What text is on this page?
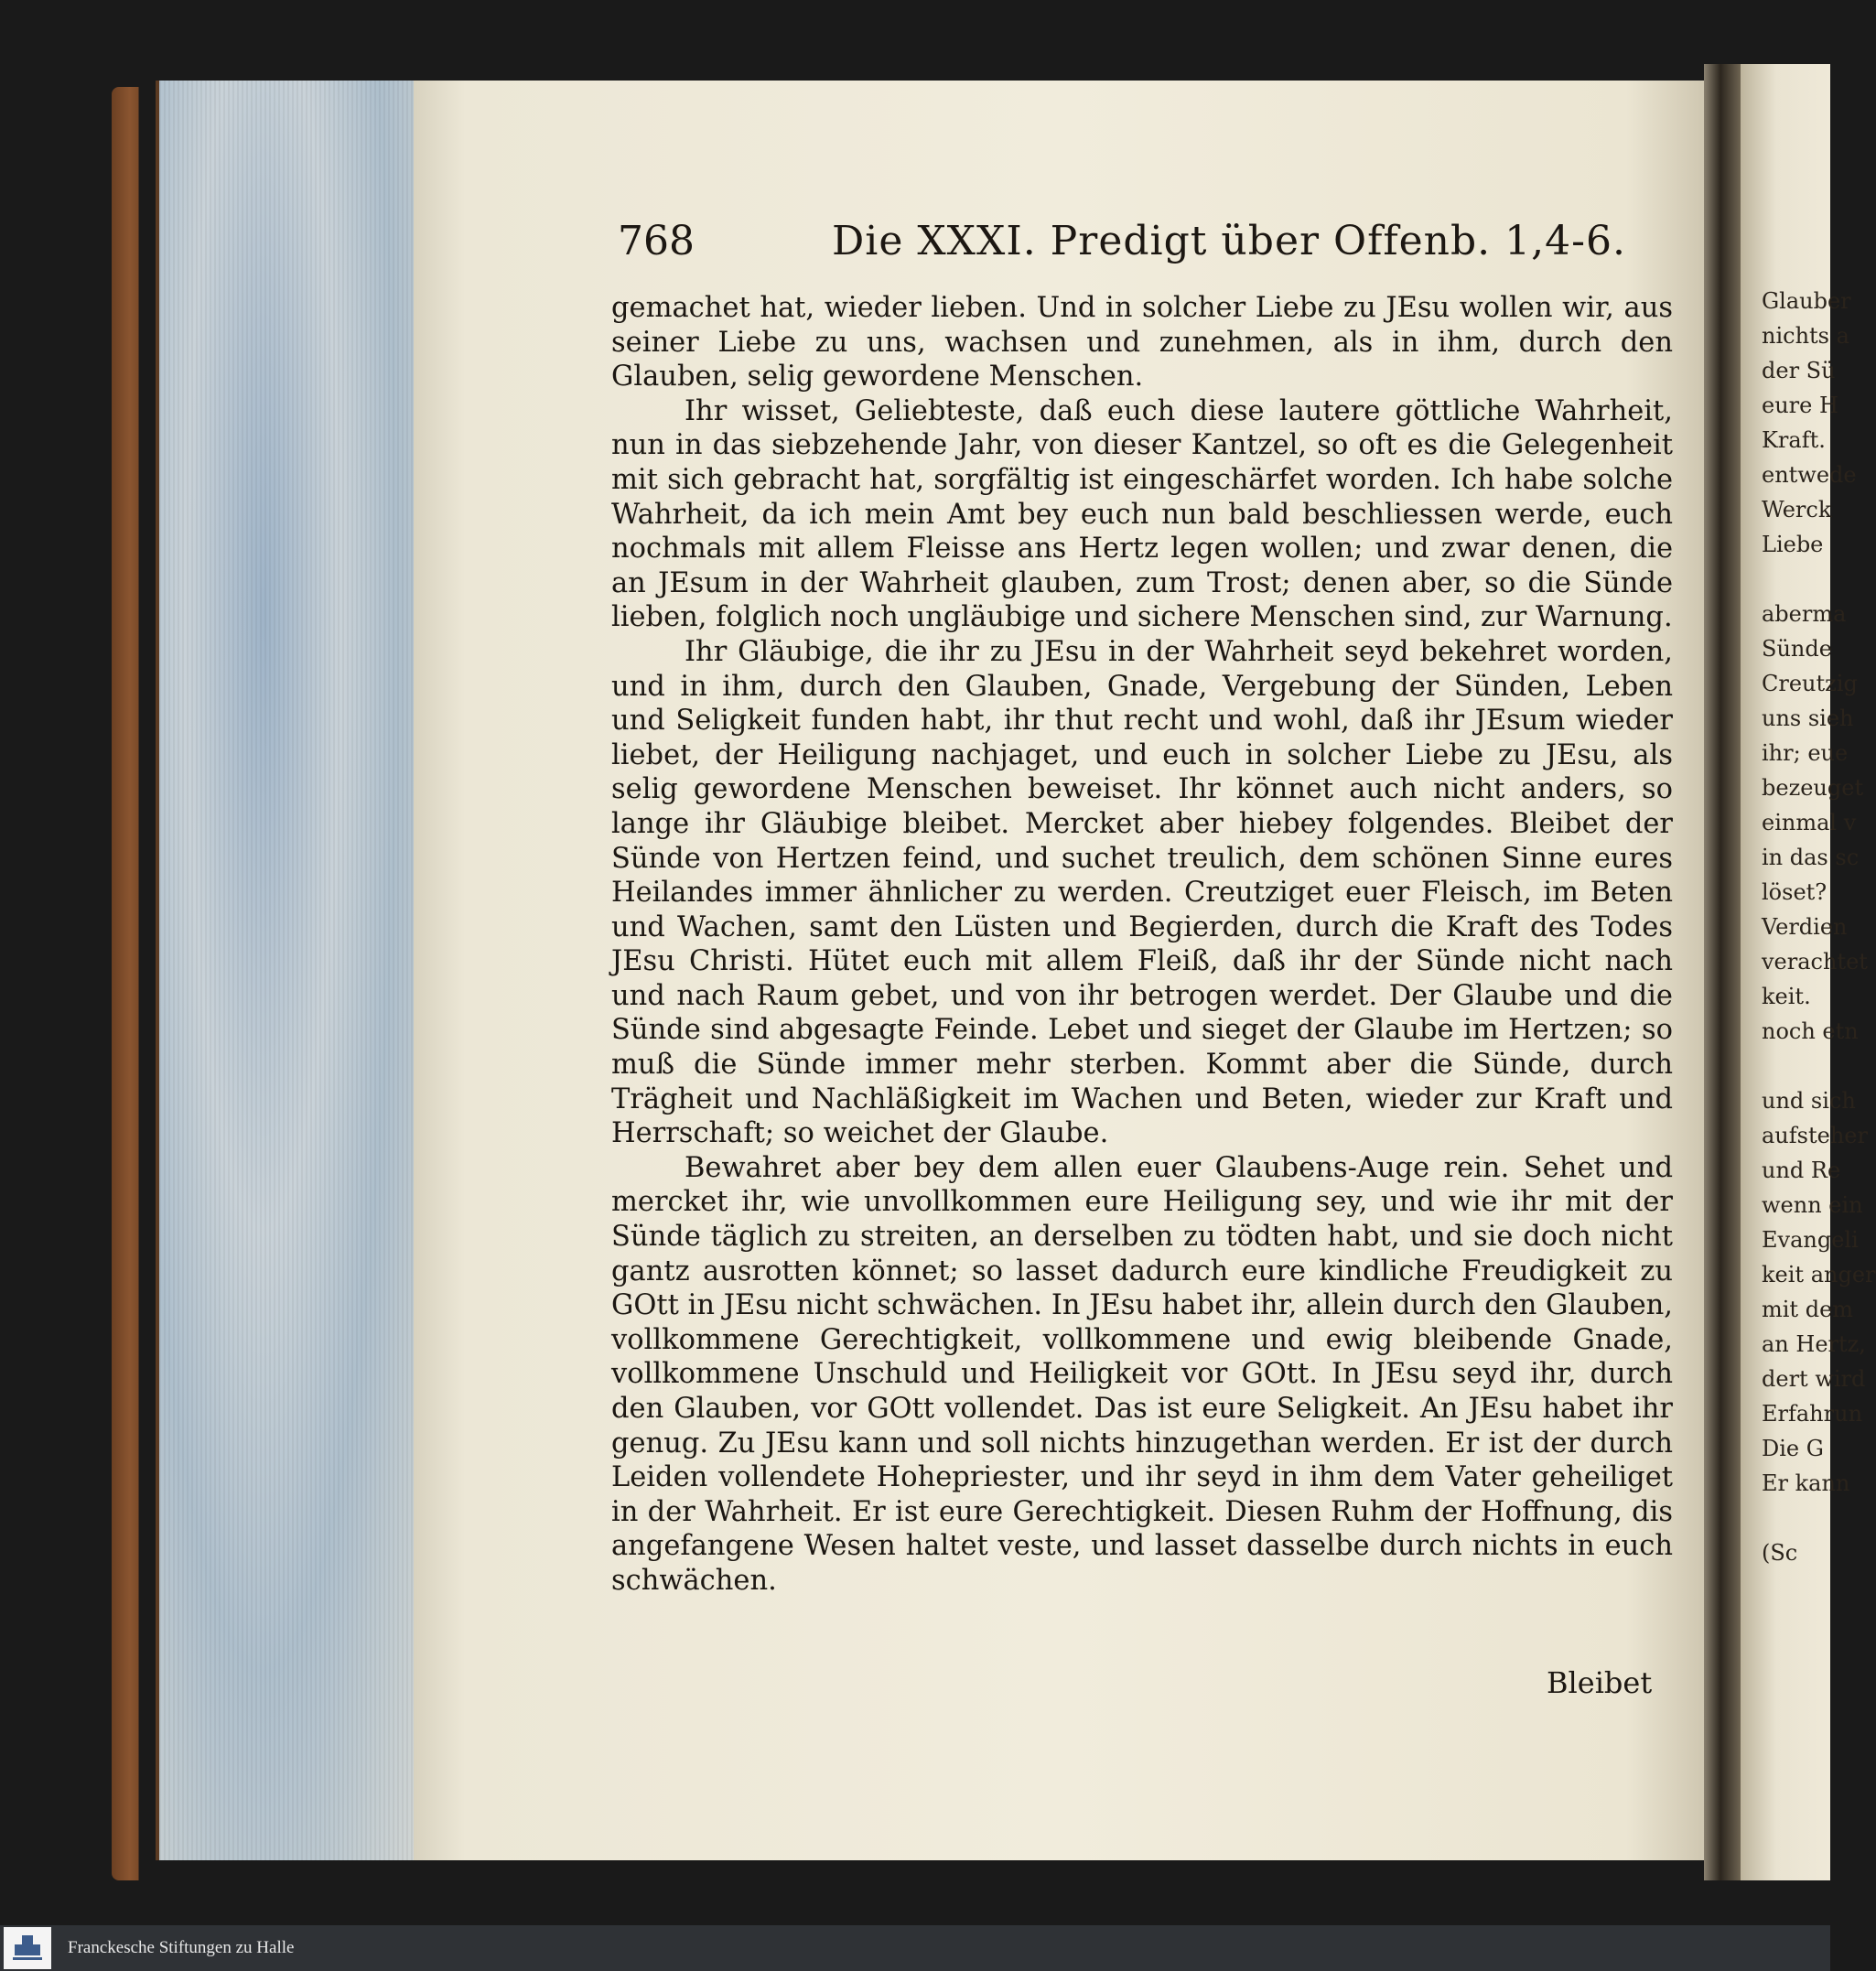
Glauber
nichts a
der Sü
eure H
Kraft.
entwede
Werck
Liebe

aberma
Sünde
Creutzig
uns sieh
ihr; eue
bezeuget
einmal v
in das sc
löset?
Verdien
verachtet
keit.
noch etn

und sich
aufsteher
und Re
wenn ein
Evangeli
keit anger
mit dem
an Hertz,
dert wird
Erfahrun
Die G
Er kann

(Sc
768	Die XXXI. Predigt über Offenb. 1,4-6.

gemachet hat, wieder lieben. Und in solcher Liebe zu JEsu wollen wir, aus seiner Liebe zu uns, wachsen und zunehmen, als in ihm, durch den Glauben, selig gewordene Menschen.

Ihr wisset, Geliebteste, daß euch diese lautere göttliche Wahrheit, nun in das siebzehende Jahr, von dieser Kantzel, so oft es die Gelegenheit mit sich gebracht hat, sorgfältig ist eingeschärfet worden. Ich habe solche Wahrheit, da ich mein Amt bey euch nun bald beschliessen werde, euch nochmals mit allem Fleisse ans Hertz legen wollen; und zwar denen, die an JEsum in der Wahrheit glauben, zum Trost; denen aber, so die Sünde lieben, folglich noch ungläubige und sichere Menschen sind, zur Warnung.

Ihr Gläubige, die ihr zu JEsu in der Wahrheit seyd bekehret worden, und in ihm, durch den Glauben, Gnade, Vergebung der Sünden, Leben und Seligkeit funden habt, ihr thut recht und wohl, daß ihr JEsum wieder liebet, der Heiligung nachjaget, und euch in solcher Liebe zu JEsu, als selig gewordene Menschen beweiset. Ihr könnet auch nicht anders, so lange ihr Gläubige bleibet. Mercket aber hiebey folgendes. Bleibet der Sünde von Hertzen feind, und suchet treulich, dem schönen Sinne eures Heilandes immer ähnlicher zu werden. Creutziget euer Fleisch, im Beten und Wachen, samt den Lüsten und Begierden, durch die Kraft des Todes JEsu Christi. Hütet euch mit allem Fleiß, daß ihr der Sünde nicht nach und nach Raum gebet, und von ihr betrogen werdet. Der Glaube und die Sünde sind abgesagte Feinde. Lebet und sieget der Glaube im Hertzen; so muß die Sünde immer mehr sterben. Kommt aber die Sünde, durch Trägheit und Nachläßigkeit im Wachen und Beten, wieder zur Kraft und Herrschaft; so weichet der Glaube.

Bewahret aber bey dem allen euer Glaubens-Auge rein. Sehet und mercket ihr, wie unvollkommen eure Heiligung sey, und wie ihr mit der Sünde täglich zu streiten, an derselben zu tödten habt, und sie doch nicht gantz ausrotten könnet; so lasset dadurch eure kindliche Freudigkeit zu GOtt in JEsu nicht schwächen. In JEsu habet ihr, allein durch den Glauben, vollkommene Gerechtigkeit, vollkommene und ewig bleibende Gnade, vollkommene Unschuld und Heiligkeit vor GOtt. In JEsu seyd ihr, durch den Glauben, vor GOtt vollendet. Das ist eure Seligkeit. An JEsu habet ihr genug. Zu JEsu kann und soll nichts hinzugethan werden. Er ist der durch Leiden vollendete Hohepriester, und ihr seyd in ihm dem Vater geheiliget in der Wahrheit. Er ist eure Gerechtigkeit. Diesen Ruhm der Hoffnung, dis angefangene Wesen haltet veste, und lasset dasselbe durch nichts in euch schwächen.

Bleibet
Franckesche Stiftungen zu Halle
